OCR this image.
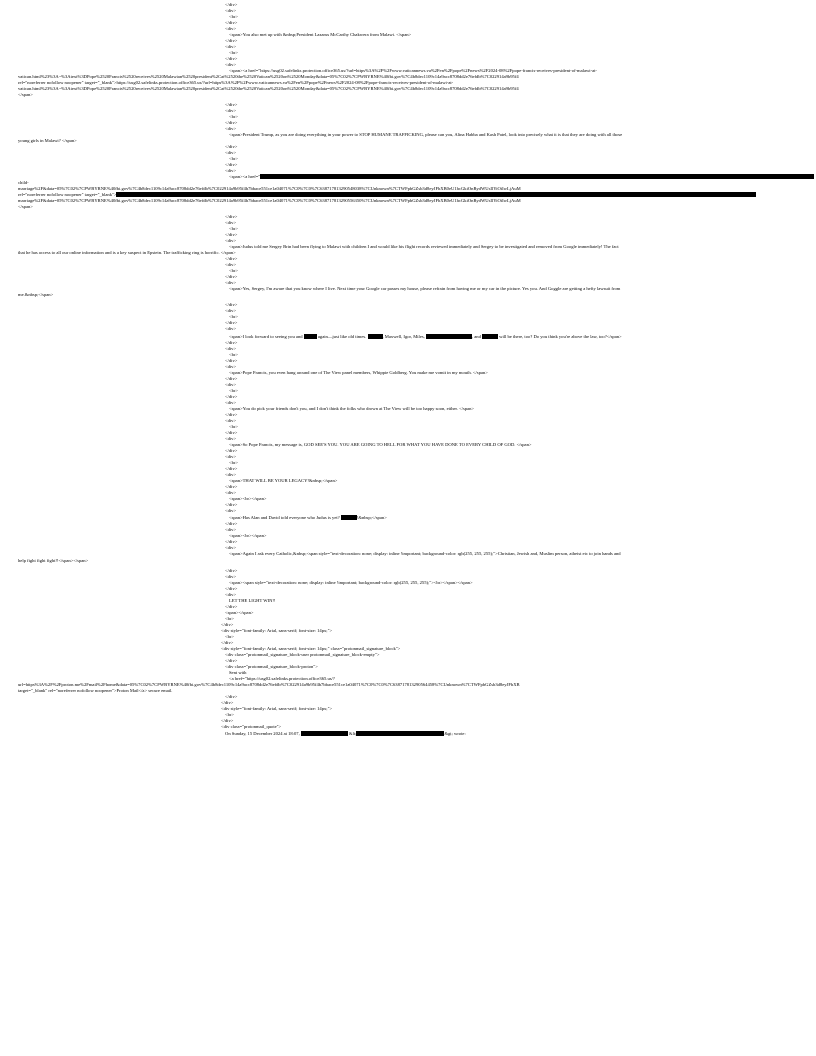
</div>
<div>
<br>
</div>
<div>
<span>You also met up with &nbsp;President Lazarus McCarthy Chakwera from Malawi. </span>
</div>
<div>
<br>
</div>
<div>
<span><a href="https://usg02.safelinks.protection.office365.us/?url=https%3A%2F%2Fwww.vaticannews.va%2Fen%2Fpope%2Fnews%2F2024-08%2Fpope-francis-receives-president-of-malawi-at-
vatican.html%23%3A~%3Atext%3DPope%2520Francis%2520receives%2520Malawian%2520president%2Cat%2520the%2520Vatican%2520on%2520Monday&data=05%7C02%7CPWBYRNE%40fbi.gov%7C4b8dec1109c14a9acc8708dd2e76efdb%7C022914a9b95f4
rel="noreferrer nofollow noopener" target="_blank">https://usg02.safelinks.protection.office365.us/?url=https%3A%2F%2Fwww.vaticannews.va%2Fen%2Fpope%2Fnews%2F2024-08%2Fpope-francis-receives-president-of-malawi-at-
vatican.html%23%3A~%3Atext%3DPope%2520Francis%2520receives%2520Malawian%2520president%2Cat%2520the%2520Vatican%2520on%2520Monday&data=05%7C02%7CPWBYRNE%40fbi.gov%7C4b8dec1109c14a9acc8708dd2e76efdb%7C022914a9b95f4
</span>
</div>
<div>
<br>
</div>
<div>
<span>President Trump, as you are doing everything in your power to STOP HUMANE TRAFFICKING, please can you, Alina Habba and Kash Patel, look into precisely what it is that they are doing with all those
young girls in Malawi? </span>
</div>
<div>
<br>
</div>
<div>
<span><a href="
child-
marriage%2F&data=05%7C02%7CPWBYRNE%40fbi.gov%7C4b8dec1109c14a9acc8708dd2e76efdb%7C022914a9b95f4b7bbace551ce1a04071%7C0%7C0%7C638717813290548038%7CUnknown%7CTWFpbGZsb3d8eyJFbXB0eU1hcGkiOnRydWUsIlYiOiIwLjAuM
rel="noreferrer nofollow noopener" target="_blank">
marriage%2F&data=05%7C02%7CPWBYRNE%40fbi.gov%7C4b8dec1109c14a9acc8708dd2e76efdb%7C022914a9b95f4b7bbace551ce1a04071%7C0%7C0%7C638717813290556350%7CUnknown%7CTWFpbGZsb3d8eyJFbXB0eU1hcGkiOnRydWUsIlYiOiIwLjAuM
</span>
</div>
<div>
<br>
</div>
<div>
<span>Judus told me Sergey Brin had been flying to Malawi with children I and would like his flight records reviewed immediately and Sergey to be investigated and removed from Google immediately! The fact
that he has access to all our online information and is a key suspect in Epstein. The trafficking ring is horrific. </span>
</div>
<div>
<br>
</div>
<div>
<span>Yes, Sergey, I'm aware that you know where I live. Next time your Google car passes my house, please refrain from having me or my car in the picture. Yes you. And Goggle are getting a hefty lawsuit from
me.&nbsp;</span>
</div>
<div>
<br>
</div>
<div>
<span>I look forward to seeing you and	again—just like old times.	, Maxwell, Igor, Miles,	, and	will be there, too? Do you think you're above the law, too?</span>
</div>
<div>
<br>
</div>
<div>
<span>Pope Francis, you even hang around one of The View panel members, Whippie Goldberg. You make me vomit in my mouth. </span>
</div>
<div>
<br>
</div>
<div>
<span>You do pick your friends don't you, and I don't think the folks who drown at The View will be too happy soon, either. </span>
</div>
<div>
<br>
</div>
<div>
<span>So Pope Francis, my message is, GOD SEE'S YOU. YOU ARE GOING TO HELL FOR WHAT YOU HAVE DONE TO EVERY CHILD OF GOD. </span>
</div>
<div>
<br>
</div>
<div>
<span>THAT WILL BE YOUR LEGACY!&nbsp;</span>
</div>
<div>
<span><br></span>
</div>
<div>
<span>Has Alan and David told everyone who Judus is yet?	!&nbsp;</span>
</div>
<div>
<span><br></span>
</div>
<div>
<span>Again I ask every Catholic,&nbsp;<span style="text-decoration: none; display: inline !important; background-color: rgb(255, 255, 255);">Christian, Jewish and, Muslim person, atheist etc to join hands and
help fight fight fight!!</span></span>
</div>
<div>
<span><span style="text-decoration: none; display: inline !important; background-color: rgb(255, 255, 255);"><br></span></span>
</div>
<div>
LET THE LIGHT WIN!!
</div>
<span></span>
<br>
</div>
<div style="font-family: Arial, sans-serif; font-size: 14px;">
<br>
</div>
<div style="font-family: Arial, sans-serif; font-size: 14px;" class="protonmail_signature_block">
<div class="protonmail_signature_block-user protonmail_signature_block-empty">
</div>
<div class="protonmail_signature_block-proton">
Sent with
<a href="https://usg02.safelinks.protection.office365.us/?
url=https%3A%2F%2Fproton.me%2Fmail%2Fhome&data=05%7C02%7CPWBYRNE%40fbi.gov%7C4b8dec1109c14a9acc8708dd2e76efdb%7C022914a9b95f4b7bbace551ce1a04071%7C0%7C0%7C638717813290564458%7CUnknown%7CTWFpbGZsb3d8eyJFbXB
target="_blank" rel="noreferrer nofollow noopener">Proton Mail</a> secure email.
</div>
</div>
<div style="font-family: Arial, sans-serif; font-size: 14px;">
<br>
</div>
<div class="protonmail_quote">
On Sunday, 15 December 2024 at 18:07,	&lt;	&gt; wrote:
